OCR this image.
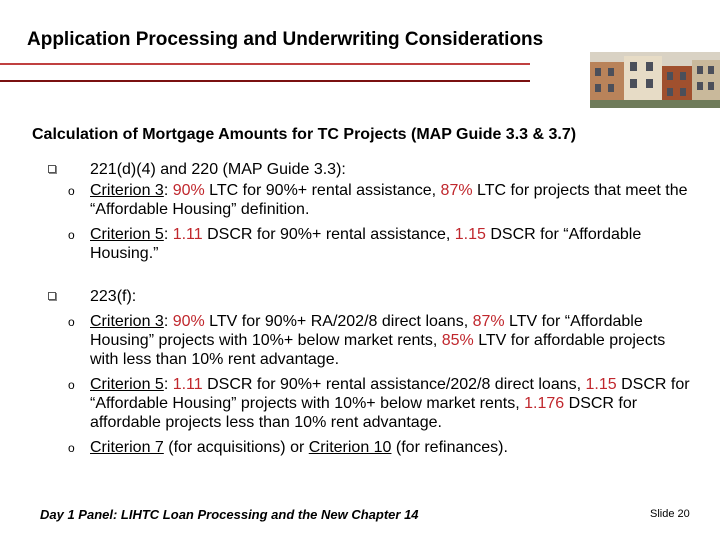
Application Processing and Underwriting Considerations
Calculation of Mortgage Amounts for TC Projects (MAP Guide 3.3 & 3.7)
221(d)(4) and 220 (MAP Guide 3.3):
o Criterion 3: 90% LTC for 90%+ rental assistance, 87% LTC for projects that meet the “Affordable Housing” definition.
o Criterion 5: 1.11 DSCR for 90%+ rental assistance, 1.15 DSCR for “Affordable Housing.”
223(f):
o Criterion 3: 90% LTV for 90%+ RA/202/8 direct loans, 87% LTV for “Affordable Housing” projects with 10%+ below market rents, 85% LTV for affordable projects with less than 10% rent advantage.
o Criterion 5: 1.11 DSCR for 90%+ rental assistance/202/8 direct loans, 1.15 DSCR for “Affordable Housing” projects with 10%+ below market rents, 1.176 DSCR for affordable projects less than 10% rent advantage.
o Criterion 7 (for acquisitions) or Criterion 10 (for refinances).
Day 1 Panel: LIHTC Loan Processing and the New Chapter 14	Slide 20
